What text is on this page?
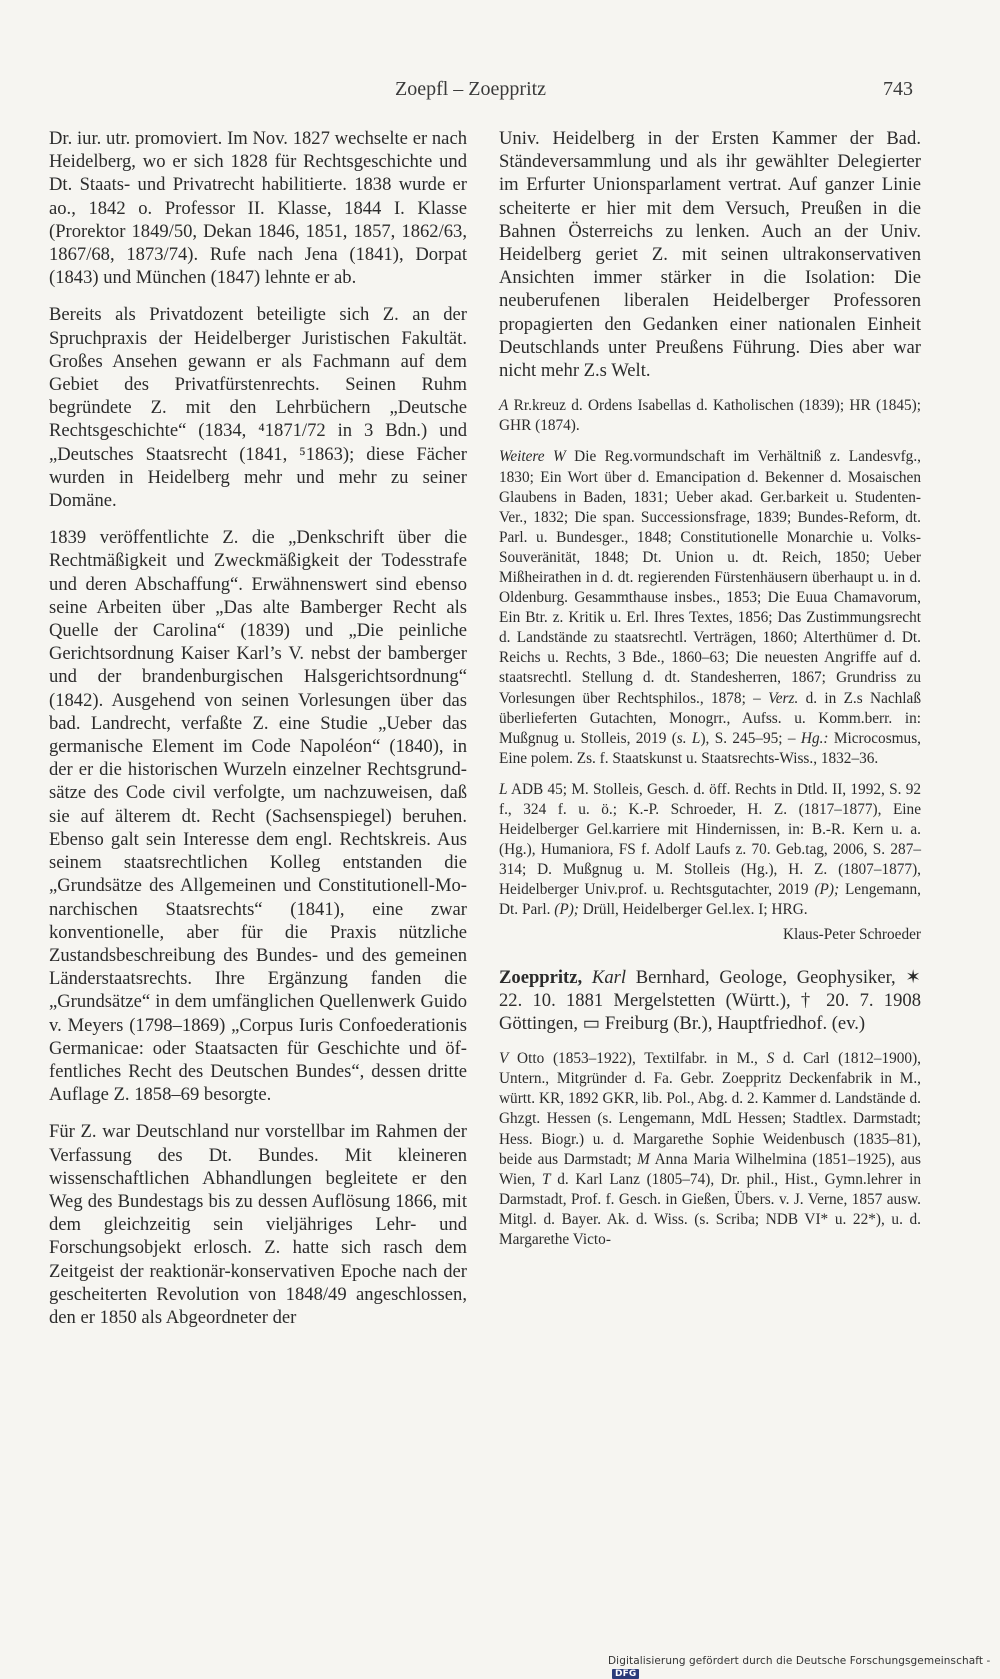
Zoepfl – Zoeppritz	743

Dr. iur. utr. promoviert. Im Nov. 1827 wechselte er nach Heidelberg, wo er sich 1828 für Rechtsgeschichte und Dt. Staats- und Privatrecht habilitierte. 1838 wurde er ao., 1842 o. Professor II. Klasse, 1844 I. Klasse (Prorektor 1849/50, Dekan 1846, 1851, 1857, 1862/63, 1867/68, 1873/74). Rufe nach Jena (1841), Dorpat (1843) und München (1847) lehnte er ab.

Bereits als Privatdozent beteiligte sich Z. an der Spruchpraxis der Heidelberger Juristischen Fakultät. Großes Ansehen gewann er als Fachmann auf dem Gebiet des Privatfürstenrechts. Seinen Ruhm begründete Z. mit den Lehrbüchern „Deutsche Rechtsgeschichte“ (1834, ⁴1871/72 in 3 Bdn.) und „Deutsches Staatsrecht (1841, ⁵1863); diese Fächer wurden in Heidelberg mehr und mehr zu seiner Domäne.

1839 veröffentlichte Z. die „Denkschrift über die Rechtmäßigkeit und Zweckmäßigkeit der Todesstrafe und deren Abschaffung“. Erwähnenswert sind ebenso seine Arbeiten über „Das alte Bamberger Recht als Quelle der Carolina“ (1839) und „Die peinliche Gerichtsordnung Kaiser Karl’s V. nebst der bamberger und der brandenburgischen Halsgerichtsordnung“ (1842). Ausgehend von seinen Vorlesungen über das bad. Landrecht, verfaßte Z. eine Studie „Ueber das germanische Element im Code Napoléon“ (1840), in der er die historischen Wurzeln einzelner Rechtsgrundsätze des Code civil verfolgte, um nachzuweisen, daß sie auf älterem dt. Recht (Sachsenspiegel) beruhen. Ebenso galt sein Interesse dem engl. Rechtskreis. Aus seinem staatsrechtlichen Kolleg entstanden die „Grundsätze des Allgemeinen und Constitutionell-Monarchischen Staatsrechts“ (1841), eine zwar konventionelle, aber für die Praxis nützliche Zustandsbeschreibung des Bundes- und des gemeinen Länderstaatsrechts. Ihre Ergänzung fanden die „Grundsätze“ in dem umfänglichen Quellenwerk Guido v. Meyers (1798–1869) „Corpus Iuris Confoederationis Germanicae: oder Staatsacten für Geschichte und öffentliches Recht des Deutschen Bundes“, dessen dritte Auflage Z. 1858–69 besorgte.

Für Z. war Deutschland nur vorstellbar im Rahmen der Verfassung des Dt. Bundes. Mit kleineren wissenschaftlichen Abhandlungen begleitete er den Weg des Bundestags bis zu dessen Auflösung 1866, mit dem gleichzeitig sein vieljähriges Lehr- und Forschungsobjekt erlosch. Z. hatte sich rasch dem Zeitgeist der reaktionär-konservativen Epoche nach der gescheiterten Revolution von 1848/49 angeschlossen, den er 1850 als Abgeordneter der

Univ. Heidelberg in der Ersten Kammer der Bad. Ständeversammlung und als ihr gewählter Delegierter im Erfurter Unionsparlament vertrat. Auf ganzer Linie scheiterte er hier mit dem Versuch, Preußen in die Bahnen Österreichs zu lenken. Auch an der Univ. Heidelberg geriet Z. mit seinen ultrakonservativen Ansichten immer stärker in die Isolation: Die neuberufenen liberalen Heidelberger Professoren propagierten den Gedanken einer nationalen Einheit Deutschlands unter Preußens Führung. Dies aber war nicht mehr Z.s Welt.

A Rr.kreuz d. Ordens Isabellas d. Katholischen (1839); HR (1845); GHR (1874).

Weitere W Die Reg.vormundschaft im Verhältniß z. Landesvfg., 1830; Ein Wort über d. Emancipation d. Bekenner d. Mosaischen Glaubens in Baden, 1831; Ueber akad. Ger.barkeit u. Studenten-Ver., 1832; Die span. Successionsfrage, 1839; Bundes-Reform, dt. Parl. u. Bundesger., 1848; Constitutionelle Monarchie u. Volks-Souveränität, 1848; Dt. Union u. dt. Reich, 1850; Ueber Mißheirathen in d. dt. regierenden Fürstenhäusern überhaupt u. in d. Oldenburg. Gesammthause insbes., 1853; Die Euua Chamavorum, Ein Btr. z. Kritik u. Erl. Ihres Textes, 1856; Das Zustimmungsrecht d. Landstände zu staatsrechtl. Verträgen, 1860; Alterthümer d. Dt. Reichs u. Rechts, 3 Bde., 1860–63; Die neuesten Angriffe auf d. staatsrechtl. Stellung d. dt. Standesherren, 1867; Grundriss zu Vorlesungen über Rechtsphilos., 1878; – Verz. d. in Z.s Nachlaß überlieferten Gutachten, Monogrr., Aufss. u. Komm.berr. in: Mußgnug u. Stolleis, 2019 (s. L), S. 245–95; – Hg.: Microcosmus, Eine polem. Zs. f. Staatskunst u. Staatsrechts-Wiss., 1832–36.

L ADB 45; M. Stolleis, Gesch. d. öff. Rechts in Dtld. II, 1992, S. 92 f., 324 f. u. ö.; K.-P. Schroeder, H. Z. (1817–1877), Eine Heidelberger Gel.karriere mit Hindernissen, in: B.-R. Kern u. a. (Hg.), Humaniora, FS f. Adolf Laufs z. 70. Geb.tag, 2006, S. 287–314; D. Mußgnug u. M. Stolleis (Hg.), H. Z. (1807–1877), Heidelberger Univ.prof. u. Rechtsgutachter, 2019 (P); Lengemann, Dt. Parl. (P); Drüll, Heidelberger Gel.lex. I; HRG.

Klaus-Peter Schroeder

Zoeppritz, Karl Bernhard, Geologe, Geophysiker, ✶ 22. 10. 1881 Mergelstetten (Württ.), † 20. 7. 1908 Göttingen, ▭ Freiburg (Br.), Hauptfriedhof. (ev.)

V Otto (1853–1922), Textilfabr. in M., S d. Carl (1812–1900), Untern., Mitgründer d. Fa. Gebr. Zoeppritz Deckenfabrik in M., württ. KR, 1892 GKR, lib. Pol., Abg. d. 2. Kammer d. Landstände d. Ghzgt. Hessen (s. Lengemann, MdL Hessen; Stadtlex. Darmstadt; Hess. Biogr.) u. d. Margarethe Sophie Weidenbusch (1835–81), beide aus Darmstadt; M Anna Maria Wilhelmina (1851–1925), aus Wien, T d. Karl Lanz (1805–74), Dr. phil., Hist., Gymn.lehrer in Darmstadt, Prof. f. Gesch. in Gießen, Übers. v. J. Verne, 1857 ausw. Mitgl. d. Bayer. Ak. d. Wiss. (s. Scriba; NDB VI* u. 22*), u. d. Margarethe Victo-

Digitalisierung gefördert durch die Deutsche Forschungsgemeinschaft -DFG
